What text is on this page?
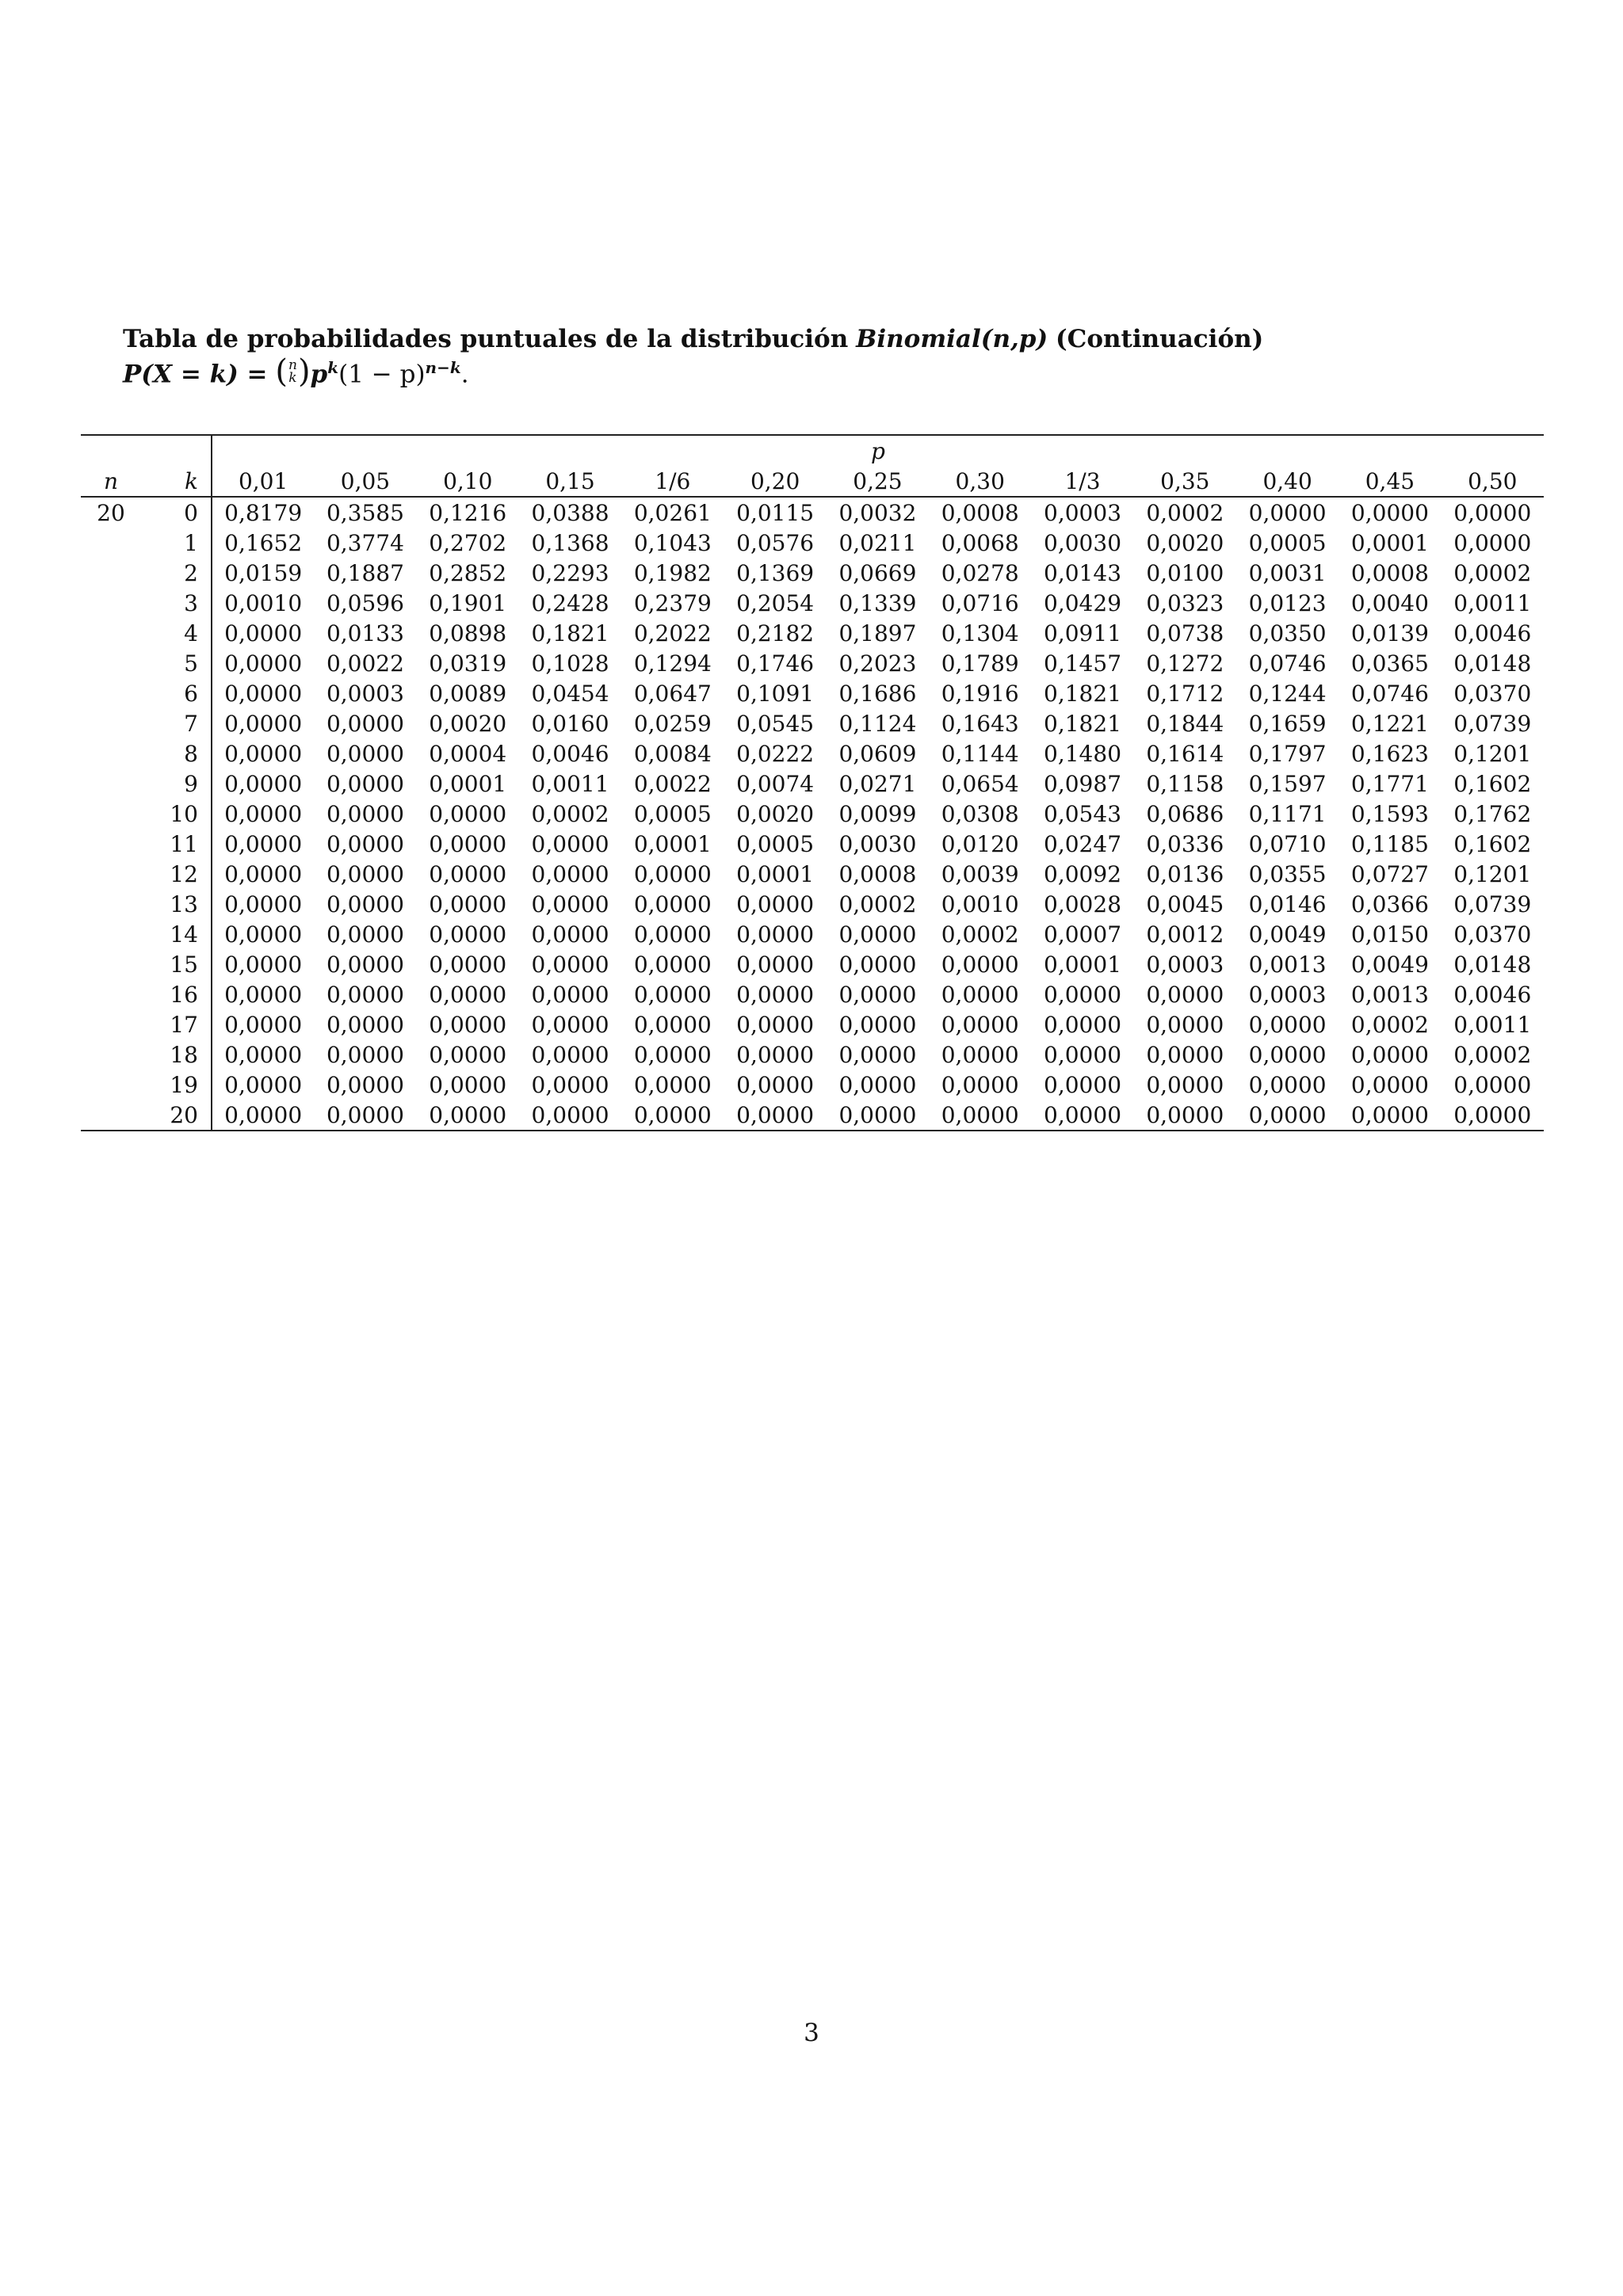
Tabla de probabilidades puntuales de la distribución Binomial(n,p) (Continuación)
P(X = k) = ( n
k ) $p^k(1 - p)^{n-k}$.
		p												
n	k	0,01	0,05	0,10	0,15	1/6	0,20	0,25	0,30	1/3	0,35	0,40	0,45	0,50
20	0	0,8179	0,3585	0,1216	0,0388	0,0261	0,0115	0,0032	0,0008	0,0003	0,0002	0,0000	0,0000	0,0000
	1	0,1652	0,3774	0,2702	0,1368	0,1043	0,0576	0,0211	0,0068	0,0030	0,0020	0,0005	0,0001	0,0000
	2	0,0159	0,1887	0,2852	0,2293	0,1982	0,1369	0,0669	0,0278	0,0143	0,0100	0,0031	0,0008	0,0002
	3	0,0010	0,0596	0,1901	0,2428	0,2379	0,2054	0,1339	0,0716	0,0429	0,0323	0,0123	0,0040	0,0011
	4	0,0000	0,0133	0,0898	0,1821	0,2022	0,2182	0,1897	0,1304	0,0911	0,0738	0,0350	0,0139	0,0046
	5	0,0000	0,0022	0,0319	0,1028	0,1294	0,1746	0,2023	0,1789	0,1457	0,1272	0,0746	0,0365	0,0148
	6	0,0000	0,0003	0,0089	0,0454	0,0647	0,1091	0,1686	0,1916	0,1821	0,1712	0,1244	0,0746	0,0370
	7	0,0000	0,0000	0,0020	0,0160	0,0259	0,0545	0,1124	0,1643	0,1821	0,1844	0,1659	0,1221	0,0739
	8	0,0000	0,0000	0,0004	0,0046	0,0084	0,0222	0,0609	0,1144	0,1480	0,1614	0,1797	0,1623	0,1201
	9	0,0000	0,0000	0,0001	0,0011	0,0022	0,0074	0,0271	0,0654	0,0987	0,1158	0,1597	0,1771	0,1602
	10	0,0000	0,0000	0,0000	0,0002	0,0005	0,0020	0,0099	0,0308	0,0543	0,0686	0,1171	0,1593	0,1762
	11	0,0000	0,0000	0,0000	0,0000	0,0001	0,0005	0,0030	0,0120	0,0247	0,0336	0,0710	0,1185	0,1602
	12	0,0000	0,0000	0,0000	0,0000	0,0000	0,0001	0,0008	0,0039	0,0092	0,0136	0,0355	0,0727	0,1201
	13	0,0000	0,0000	0,0000	0,0000	0,0000	0,0000	0,0002	0,0010	0,0028	0,0045	0,0146	0,0366	0,0739
	14	0,0000	0,0000	0,0000	0,0000	0,0000	0,0000	0,0000	0,0002	0,0007	0,0012	0,0049	0,0150	0,0370
	15	0,0000	0,0000	0,0000	0,0000	0,0000	0,0000	0,0000	0,0000	0,0001	0,0003	0,0013	0,0049	0,0148
	16	0,0000	0,0000	0,0000	0,0000	0,0000	0,0000	0,0000	0,0000	0,0000	0,0000	0,0003	0,0013	0,0046
	17	0,0000	0,0000	0,0000	0,0000	0,0000	0,0000	0,0000	0,0000	0,0000	0,0000	0,0000	0,0002	0,0011
	18	0,0000	0,0000	0,0000	0,0000	0,0000	0,0000	0,0000	0,0000	0,0000	0,0000	0,0000	0,0000	0,0002
	19	0,0000	0,0000	0,0000	0,0000	0,0000	0,0000	0,0000	0,0000	0,0000	0,0000	0,0000	0,0000	0,0000
	20	0,0000	0,0000	0,0000	0,0000	0,0000	0,0000	0,0000	0,0000	0,0000	0,0000	0,0000	0,0000	0,0000
3
